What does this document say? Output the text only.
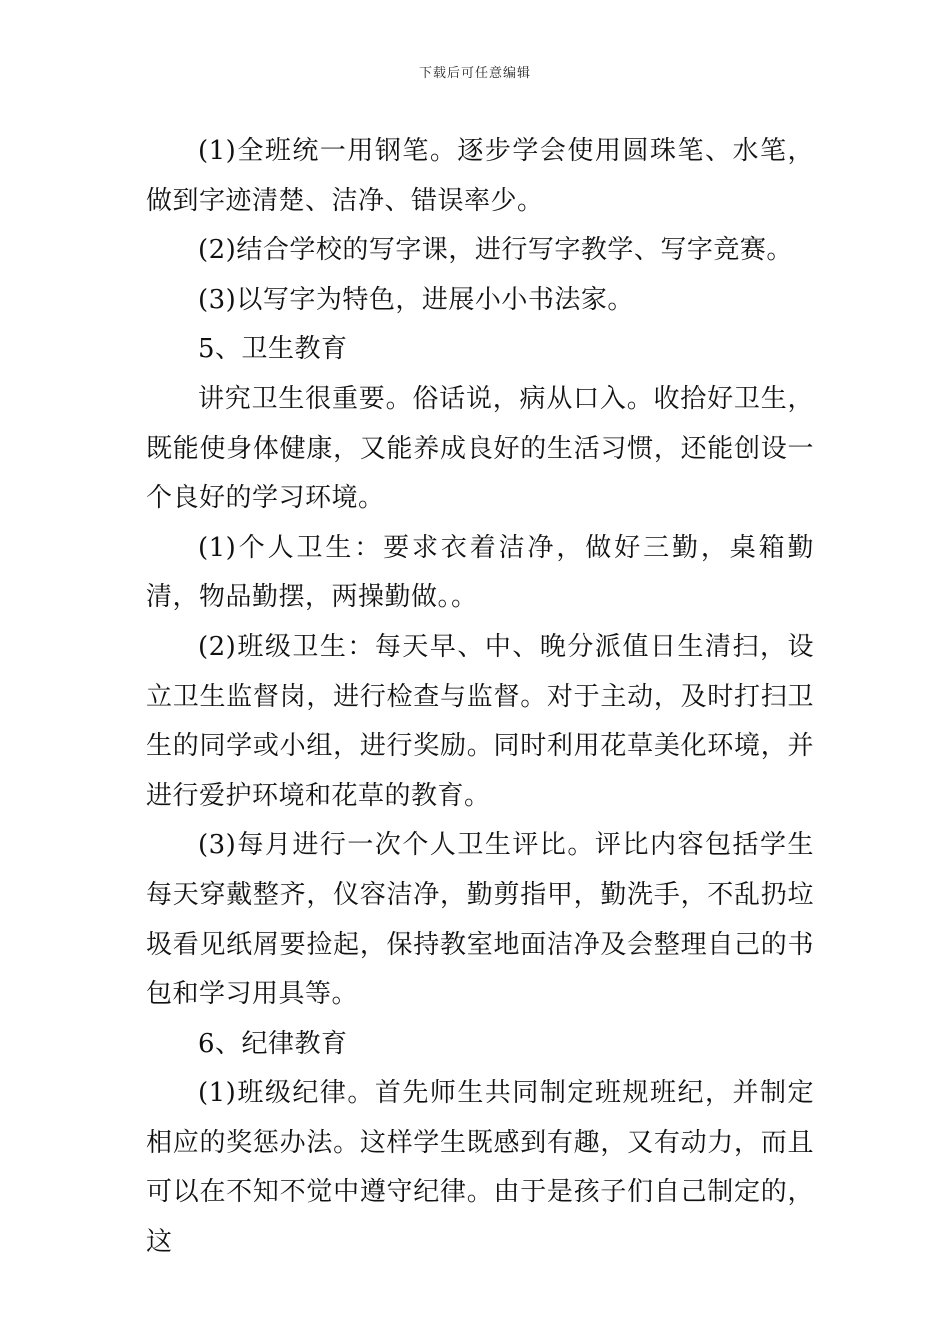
下载后可任意编辑

(1)全班统一用钢笔。逐步学会使用圆珠笔、水笔，做到字迹清楚、洁净、错误率少。

(2)结合学校的写字课，进行写字教学、写字竞赛。

(3)以写字为特色，进展小小书法家。

5、卫生教育

讲究卫生很重要。俗话说，病从口入。收拾好卫生，既能使身体健康，又能养成良好的生活习惯，还能创设一个良好的学习环境。

(1)个人卫生：要求衣着洁净，做好三勤，桌箱勤清，物品勤摆，两操勤做。。

(2)班级卫生：每天早、中、晚分派值日生清扫，设立卫生监督岗，进行检查与监督。对于主动，及时打扫卫生的同学或小组，进行奖励。同时利用花草美化环境，并进行爱护环境和花草的教育。

(3)每月进行一次个人卫生评比。评比内容包括学生每天穿戴整齐，仪容洁净，勤剪指甲，勤洗手，不乱扔垃圾看见纸屑要捡起，保持教室地面洁净及会整理自己的书包和学习用具等。

6、纪律教育

(1)班级纪律。首先师生共同制定班规班纪，并制定相应的奖惩办法。这样学生既感到有趣，又有动力，而且可以在不知不觉中遵守纪律。由于是孩子们自己制定的，这
